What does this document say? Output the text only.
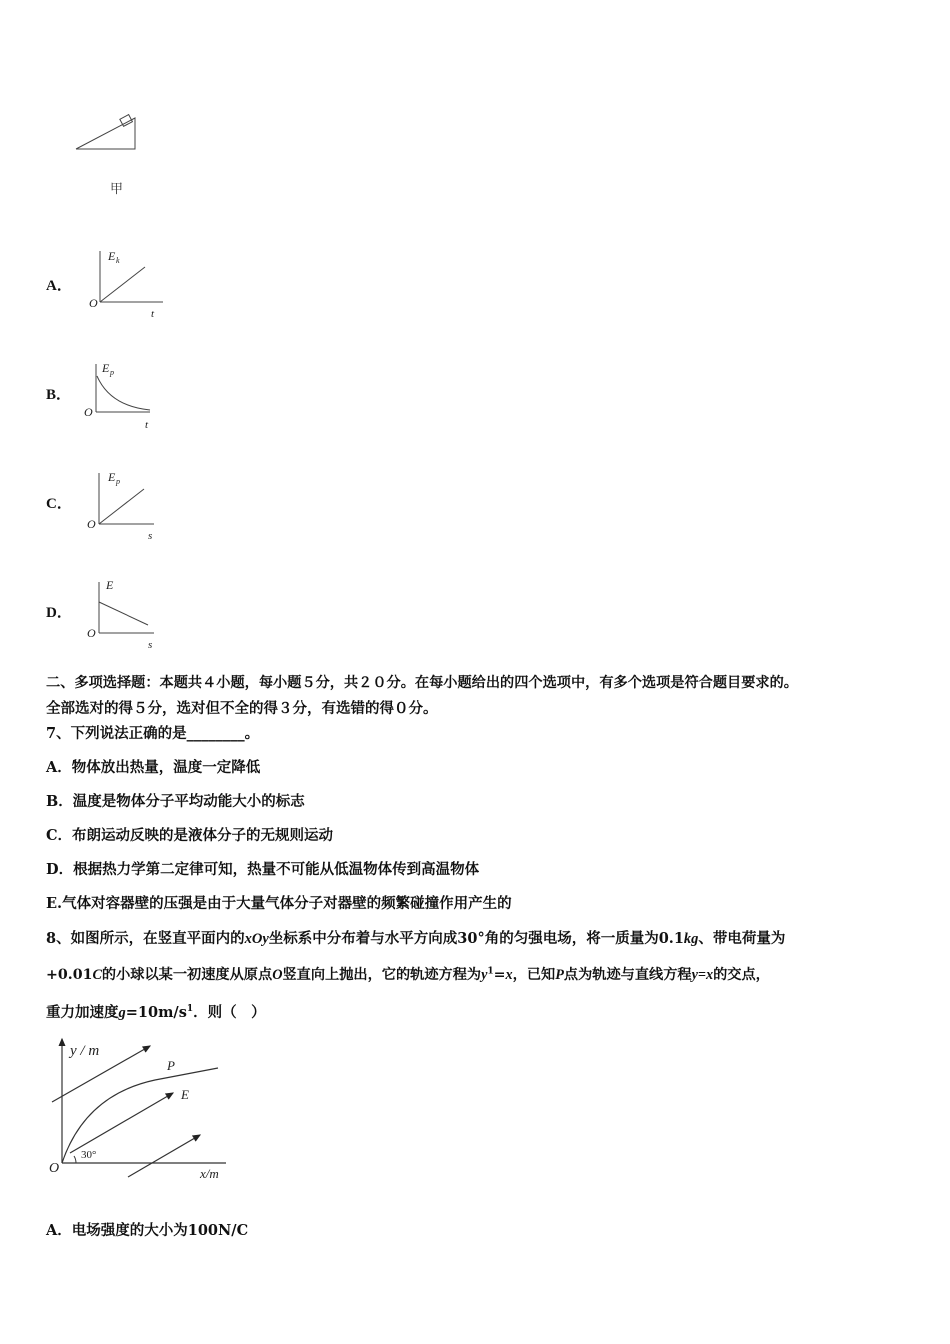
甲
A．
E k
O
t
B．
E p
O
t
C．
E p
O
s
D．
E
O
s
二、多项选择题：本题共４小题，每小题５分，共２０分。在每小题给出的四个选项中，有多个选项是符合题目要求的。
全部选对的得５分，选对但不全的得３分，有选错的得０分。
7、下列说法正确的是________。
A．物体放出热量，温度一定降低
B．温度是物体分子平均动能大小的标志
C．布朗运动反映的是液体分子的无规则运动
D．根据热力学第二定律可知，热量不可能从低温物体传到高温物体
E.气体对容器壁的压强是由于大量气体分子对器壁的频繁碰撞作用产生的
8、如图所示，在竖直平面内的xOy坐标系中分布着与水平方向成30°角的匀强电场，将一质量为0.1kg、带电荷量为
+0.01C的小球以某一初速度从原点O竖直向上抛出，它的轨迹方程为$y^1=x$，已知P点为轨迹与直线方程y=x的交点，
重力加速度$g=10m/s^1$．则（　）
y / m
x/m
O
P
E
30°
A．电场强度的大小为100N/C
